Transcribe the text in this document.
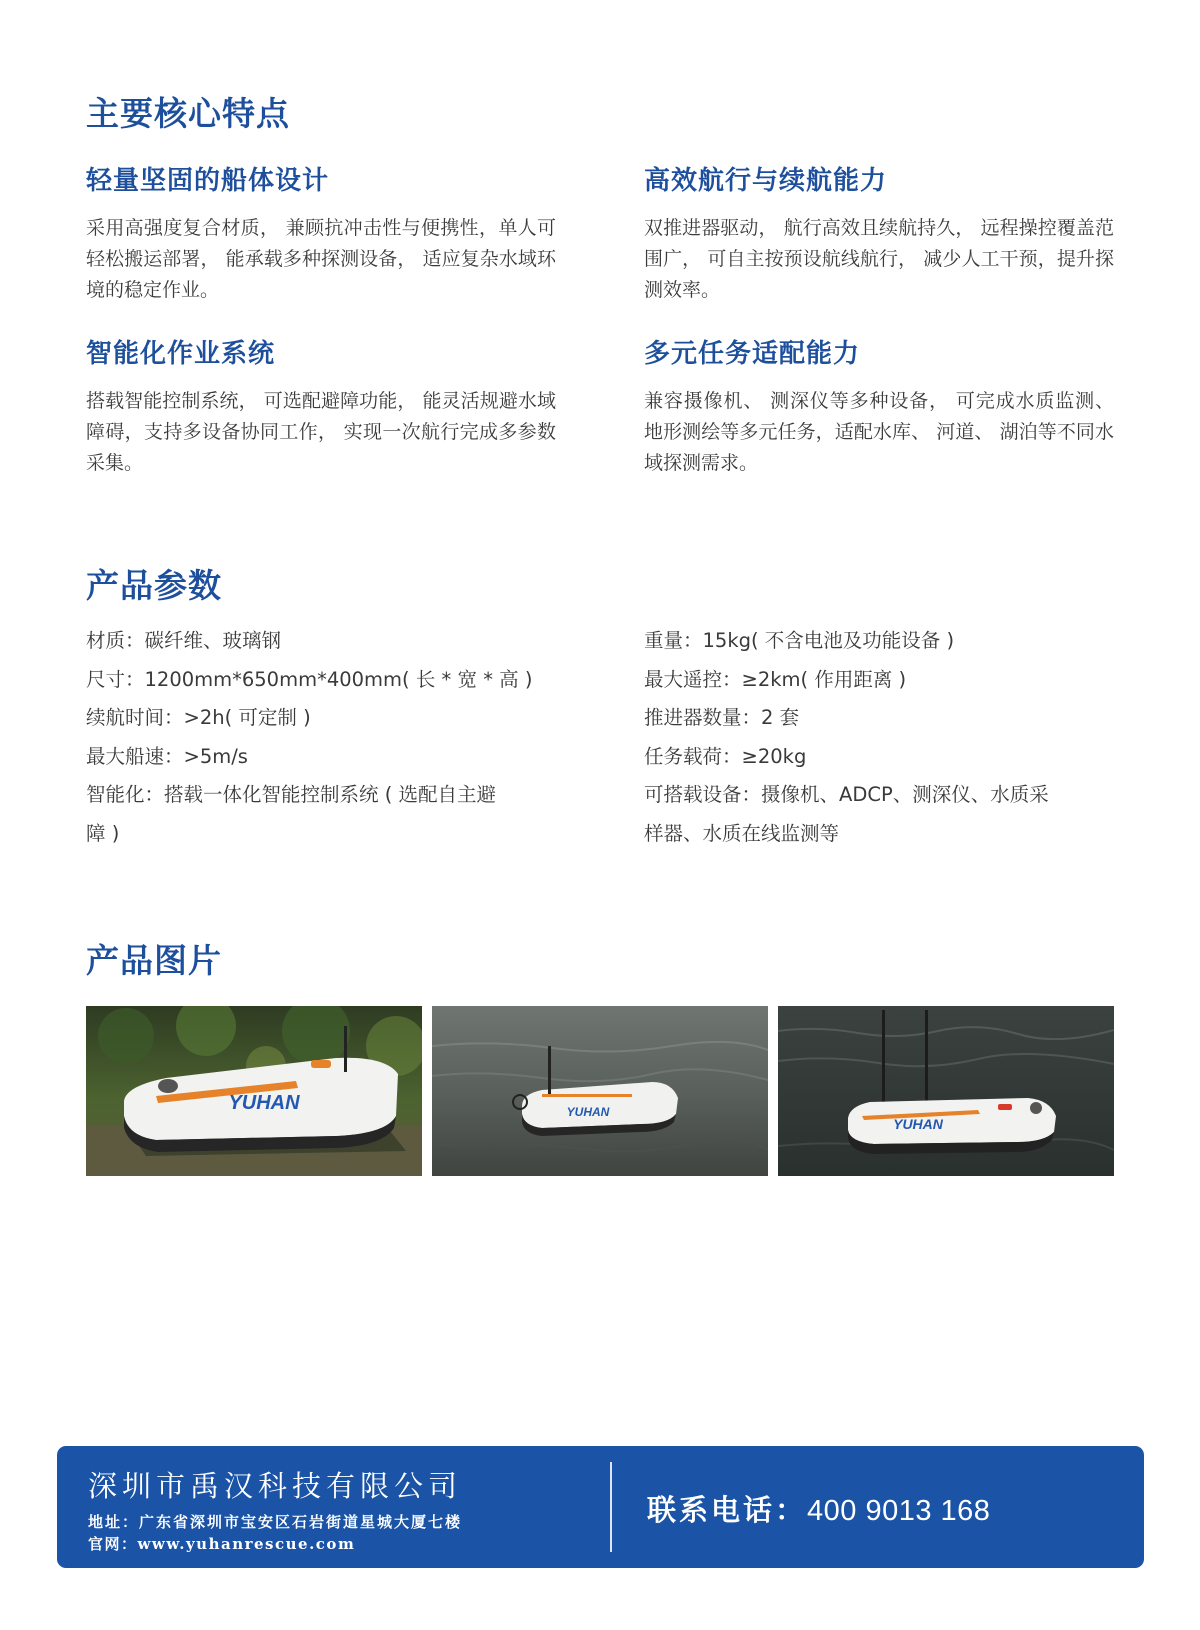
主要核心特点
轻量坚固的船体设计

采用高强度复合材质， 兼顾抗冲击性与便携性，单人可轻松搬运部署， 能承载多种探测设备， 适应复杂水域环境的稳定作业。

高效航行与续航能力

双推进器驱动， 航行高效且续航持久， 远程操控覆盖范围广， 可自主按预设航线航行， 减少人工干预，提升探测效率。

智能化作业系统

搭载智能控制系统， 可选配避障功能， 能灵活规避水域障碍，支持多设备协同工作， 实现一次航行完成多参数采集。

多元任务适配能力

兼容摄像机、 测深仪等多种设备， 可完成水质监测、 地形测绘等多元任务，适配水库、 河道、 湖泊等不同水域探测需求。

产品参数
材质：碳纤维、玻璃钢
尺寸：1200mm*650mm*400mm( 长 * 宽 * 高 )
续航时间：>2h( 可定制 )
最大船速：>5m/s
智能化：搭载一体化智能控制系统 ( 选配自主避
障 )
重量：15kg( 不含电池及功能设备 )
最大遥控：≥2km( 作用距离 )
推进器数量：2 套
任务载荷：≥20kg
可搭载设备：摄像机、ADCP、测深仪、水质采
样器、水质在线监测等
产品图片
YUHAN	YUHAN
YUHAN
深圳市禹汉科技有限公司
地址：广东省深圳市宝安区石岩街道星城大厦七楼
官网：www.yuhanrescue.com
联系电话：400 9013 168
